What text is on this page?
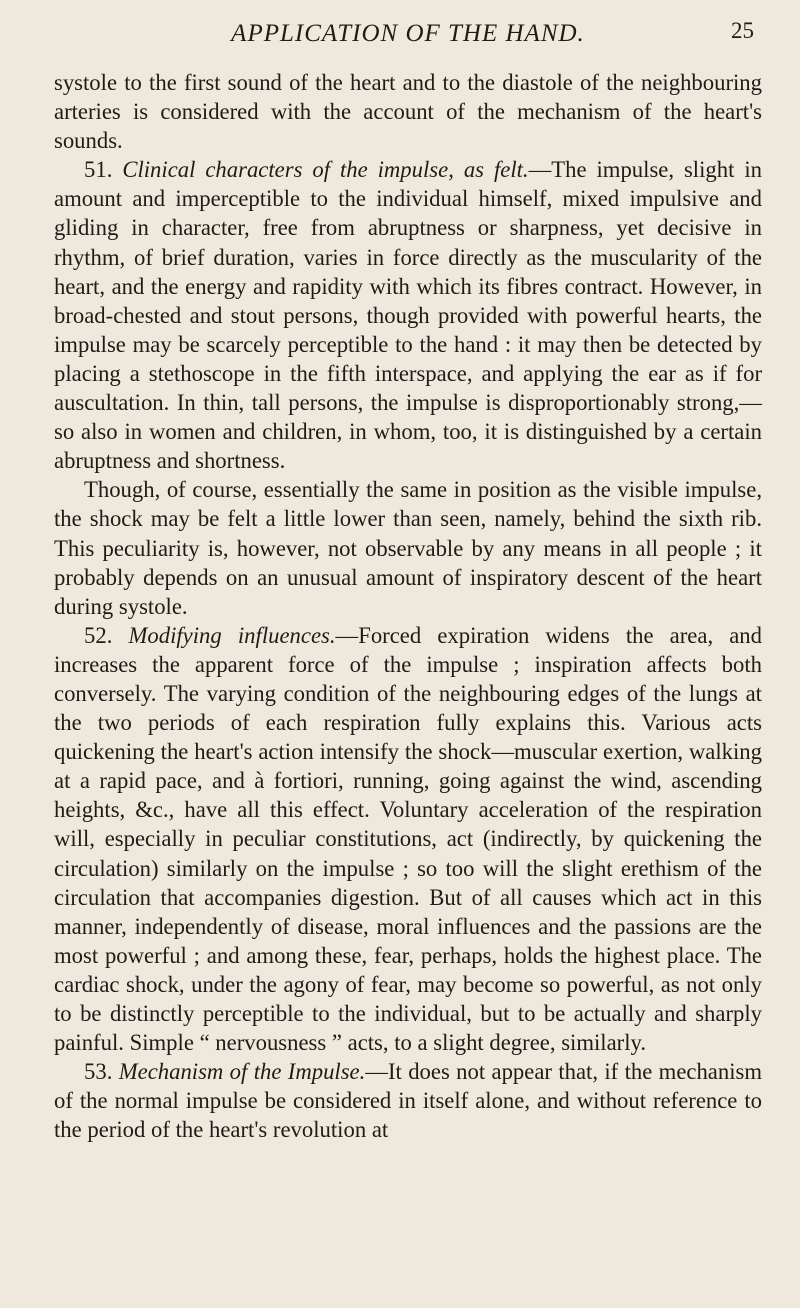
APPLICATION OF THE HAND.	25

systole to the first sound of the heart and to the diastole of the neighbouring arteries is considered with the account of the mechanism of the heart's sounds.

51. Clinical characters of the impulse, as felt.—The impulse, slight in amount and imperceptible to the individual himself, mixed impulsive and gliding in character, free from abruptness or sharpness, yet decisive in rhythm, of brief duration, varies in force directly as the muscularity of the heart, and the energy and rapidity with which its fibres contract. However, in broad-chested and stout persons, though provided with powerful hearts, the impulse may be scarcely perceptible to the hand : it may then be detected by placing a stethoscope in the fifth interspace, and applying the ear as if for auscultation. In thin, tall persons, the impulse is disproportionably strong,—so also in women and children, in whom, too, it is distinguished by a certain abruptness and shortness.

Though, of course, essentially the same in position as the visible impulse, the shock may be felt a little lower than seen, namely, behind the sixth rib. This peculiarity is, however, not observable by any means in all people ; it probably depends on an unusual amount of inspiratory descent of the heart during systole.

52. Modifying influences.—Forced expiration widens the area, and increases the apparent force of the impulse ; inspiration affects both conversely. The varying condition of the neighbouring edges of the lungs at the two periods of each respiration fully explains this. Various acts quickening the heart's action intensify the shock—muscular exertion, walking at a rapid pace, and à fortiori, running, going against the wind, ascending heights, &c., have all this effect. Voluntary acceleration of the respiration will, especially in peculiar constitutions, act (indirectly, by quickening the circulation) similarly on the impulse ; so too will the slight erethism of the circulation that accompanies digestion. But of all causes which act in this manner, independently of disease, moral influences and the passions are the most powerful ; and among these, fear, perhaps, holds the highest place. The cardiac shock, under the agony of fear, may become so powerful, as not only to be distinctly perceptible to the individual, but to be actually and sharply painful. Simple “ nervousness ” acts, to a slight degree, similarly.

53. Mechanism of the Impulse.—It does not appear that, if the mechanism of the normal impulse be considered in itself alone, and without reference to the period of the heart's revolution at
